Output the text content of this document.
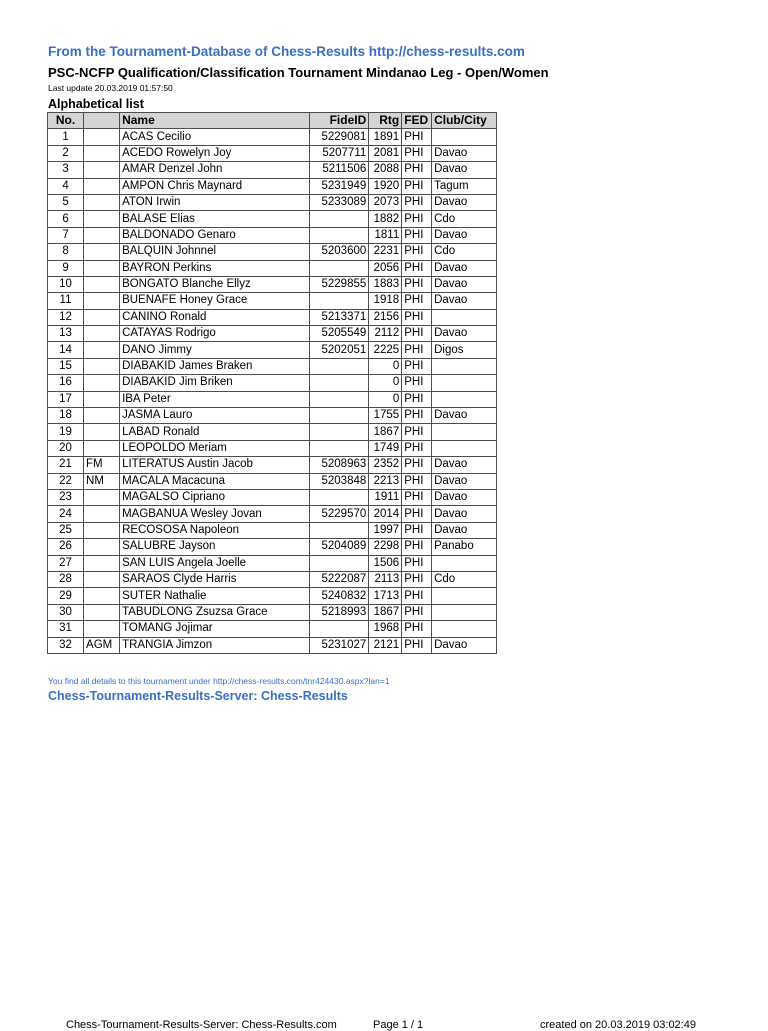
From the Tournament-Database of Chess-Results http://chess-results.com
PSC-NCFP Qualification/Classification Tournament Mindanao Leg - Open/Women
Last update 20.03.2019 01:57:50
Alphabetical list
No.		Name	FideID	Rtg	FED	Club/City
1		ACAS Cecilio	5229081	1891	PHI	
2		ACEDO Rowelyn Joy	5207711	2081	PHI	Davao
3		AMAR Denzel John	5211506	2088	PHI	Davao
4		AMPON Chris Maynard	5231949	1920	PHI	Tagum
5		ATON Irwin	5233089	2073	PHI	Davao
6		BALASE Elias		1882	PHI	Cdo
7		BALDONADO Genaro		1811	PHI	Davao
8		BALQUIN Johnnel	5203600	2231	PHI	Cdo
9		BAYRON Perkins		2056	PHI	Davao
10		BONGATO Blanche Ellyz	5229855	1883	PHI	Davao
11		BUENAFE Honey Grace		1918	PHI	Davao
12		CANINO Ronald	5213371	2156	PHI	
13		CATAYAS Rodrigo	5205549	2112	PHI	Davao
14		DANO Jimmy	5202051	2225	PHI	Digos
15		DIABAKID James Braken		0	PHI	
16		DIABAKID Jim Briken		0	PHI	
17		IBA Peter		0	PHI	
18		JASMA Lauro		1755	PHI	Davao
19		LABAD Ronald		1867	PHI	
20		LEOPOLDO Meriam		1749	PHI	
21	FM	LITERATUS Austin Jacob	5208963	2352	PHI	Davao
22	NM	MACALA Macacuna	5203848	2213	PHI	Davao
23		MAGALSO Cipriano		1911	PHI	Davao
24		MAGBANUA Wesley Jovan	5229570	2014	PHI	Davao
25		RECOSOSA Napoleon		1997	PHI	Davao
26		SALUBRE Jayson	5204089	2298	PHI	Panabo
27		SAN LUIS Angela Joelle		1506	PHI	
28		SARAOS Clyde Harris	5222087	2113	PHI	Cdo
29		SUTER Nathalie	5240832	1713	PHI	
30		TABUDLONG Zsuzsa Grace	5218993	1867	PHI	
31		TOMANG Jojimar		1968	PHI	
32	AGM	TRANGIA Jimzon	5231027	2121	PHI	Davao
You find all details to this tournament under http://chess-results.com/tnr424430.aspx?lan=1
Chess-Tournament-Results-Server: Chess-Results
Chess-Tournament-Results-Server: Chess-Results.com	Page 1 / 1	created on 20.03.2019 03:02:49
